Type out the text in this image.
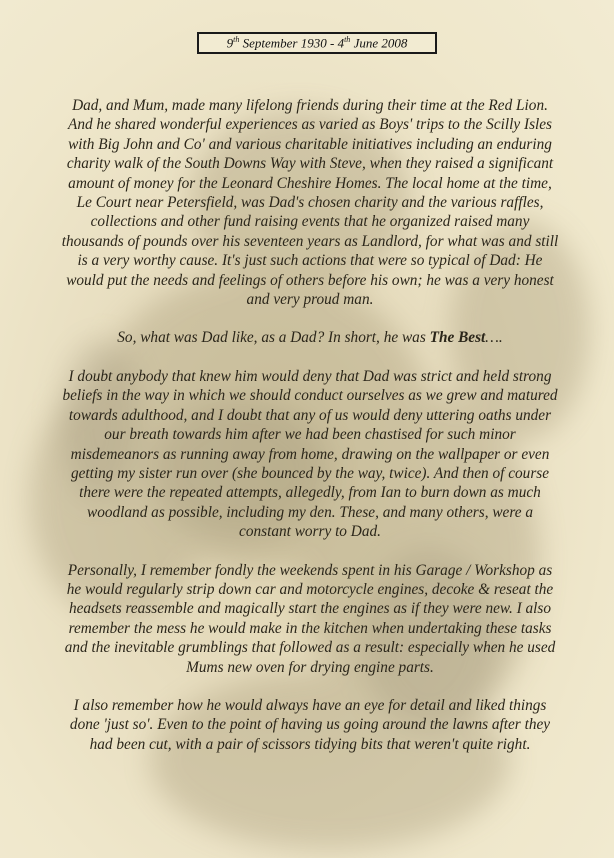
9th September 1930 - 4th June 2008

Dad, and Mum, made many lifelong friends during their time at the Red Lion. And he shared wonderful experiences as varied as Boys' trips to the Scilly Isles with Big John and Co' and various charitable initiatives including an enduring charity walk of the South Downs Way with Steve, when they raised a significant amount of money for the Leonard Cheshire Homes. The local home at the time, Le Court near Petersfield, was Dad's chosen charity and the various raffles, collections and other fund raising events that he organized raised many thousands of pounds over his seventeen years as Landlord, for what was and still is a very worthy cause. It's just such actions that were so typical of Dad: He would put the needs and feelings of others before his own; he was a very honest and very proud man.

So, what was Dad like, as a Dad? In short, he was The Best….

I doubt anybody that knew him would deny that Dad was strict and held strong beliefs in the way in which we should conduct ourselves as we grew and matured towards adulthood, and I doubt that any of us would deny uttering oaths under our breath towards him after we had been chastised for such minor misdemeanors as running away from home, drawing on the wallpaper or even getting my sister run over (she bounced by the way, twice). And then of course there were the repeated attempts, allegedly, from Ian to burn down as much woodland as possible, including my den. These, and many others, were a constant worry to Dad.

Personally, I remember fondly the weekends spent in his Garage / Workshop as he would regularly strip down car and motorcycle engines, decoke & reseat the headsets reassemble and magically start the engines as if they were new. I also remember the mess he would make in the kitchen when undertaking these tasks and the inevitable grumblings that followed as a result: especially when he used Mums new oven for drying engine parts.

I also remember how he would always have an eye for detail and liked things done 'just so'. Even to the point of having us going around the lawns after they had been cut, with a pair of scissors tidying bits that weren't quite right.
